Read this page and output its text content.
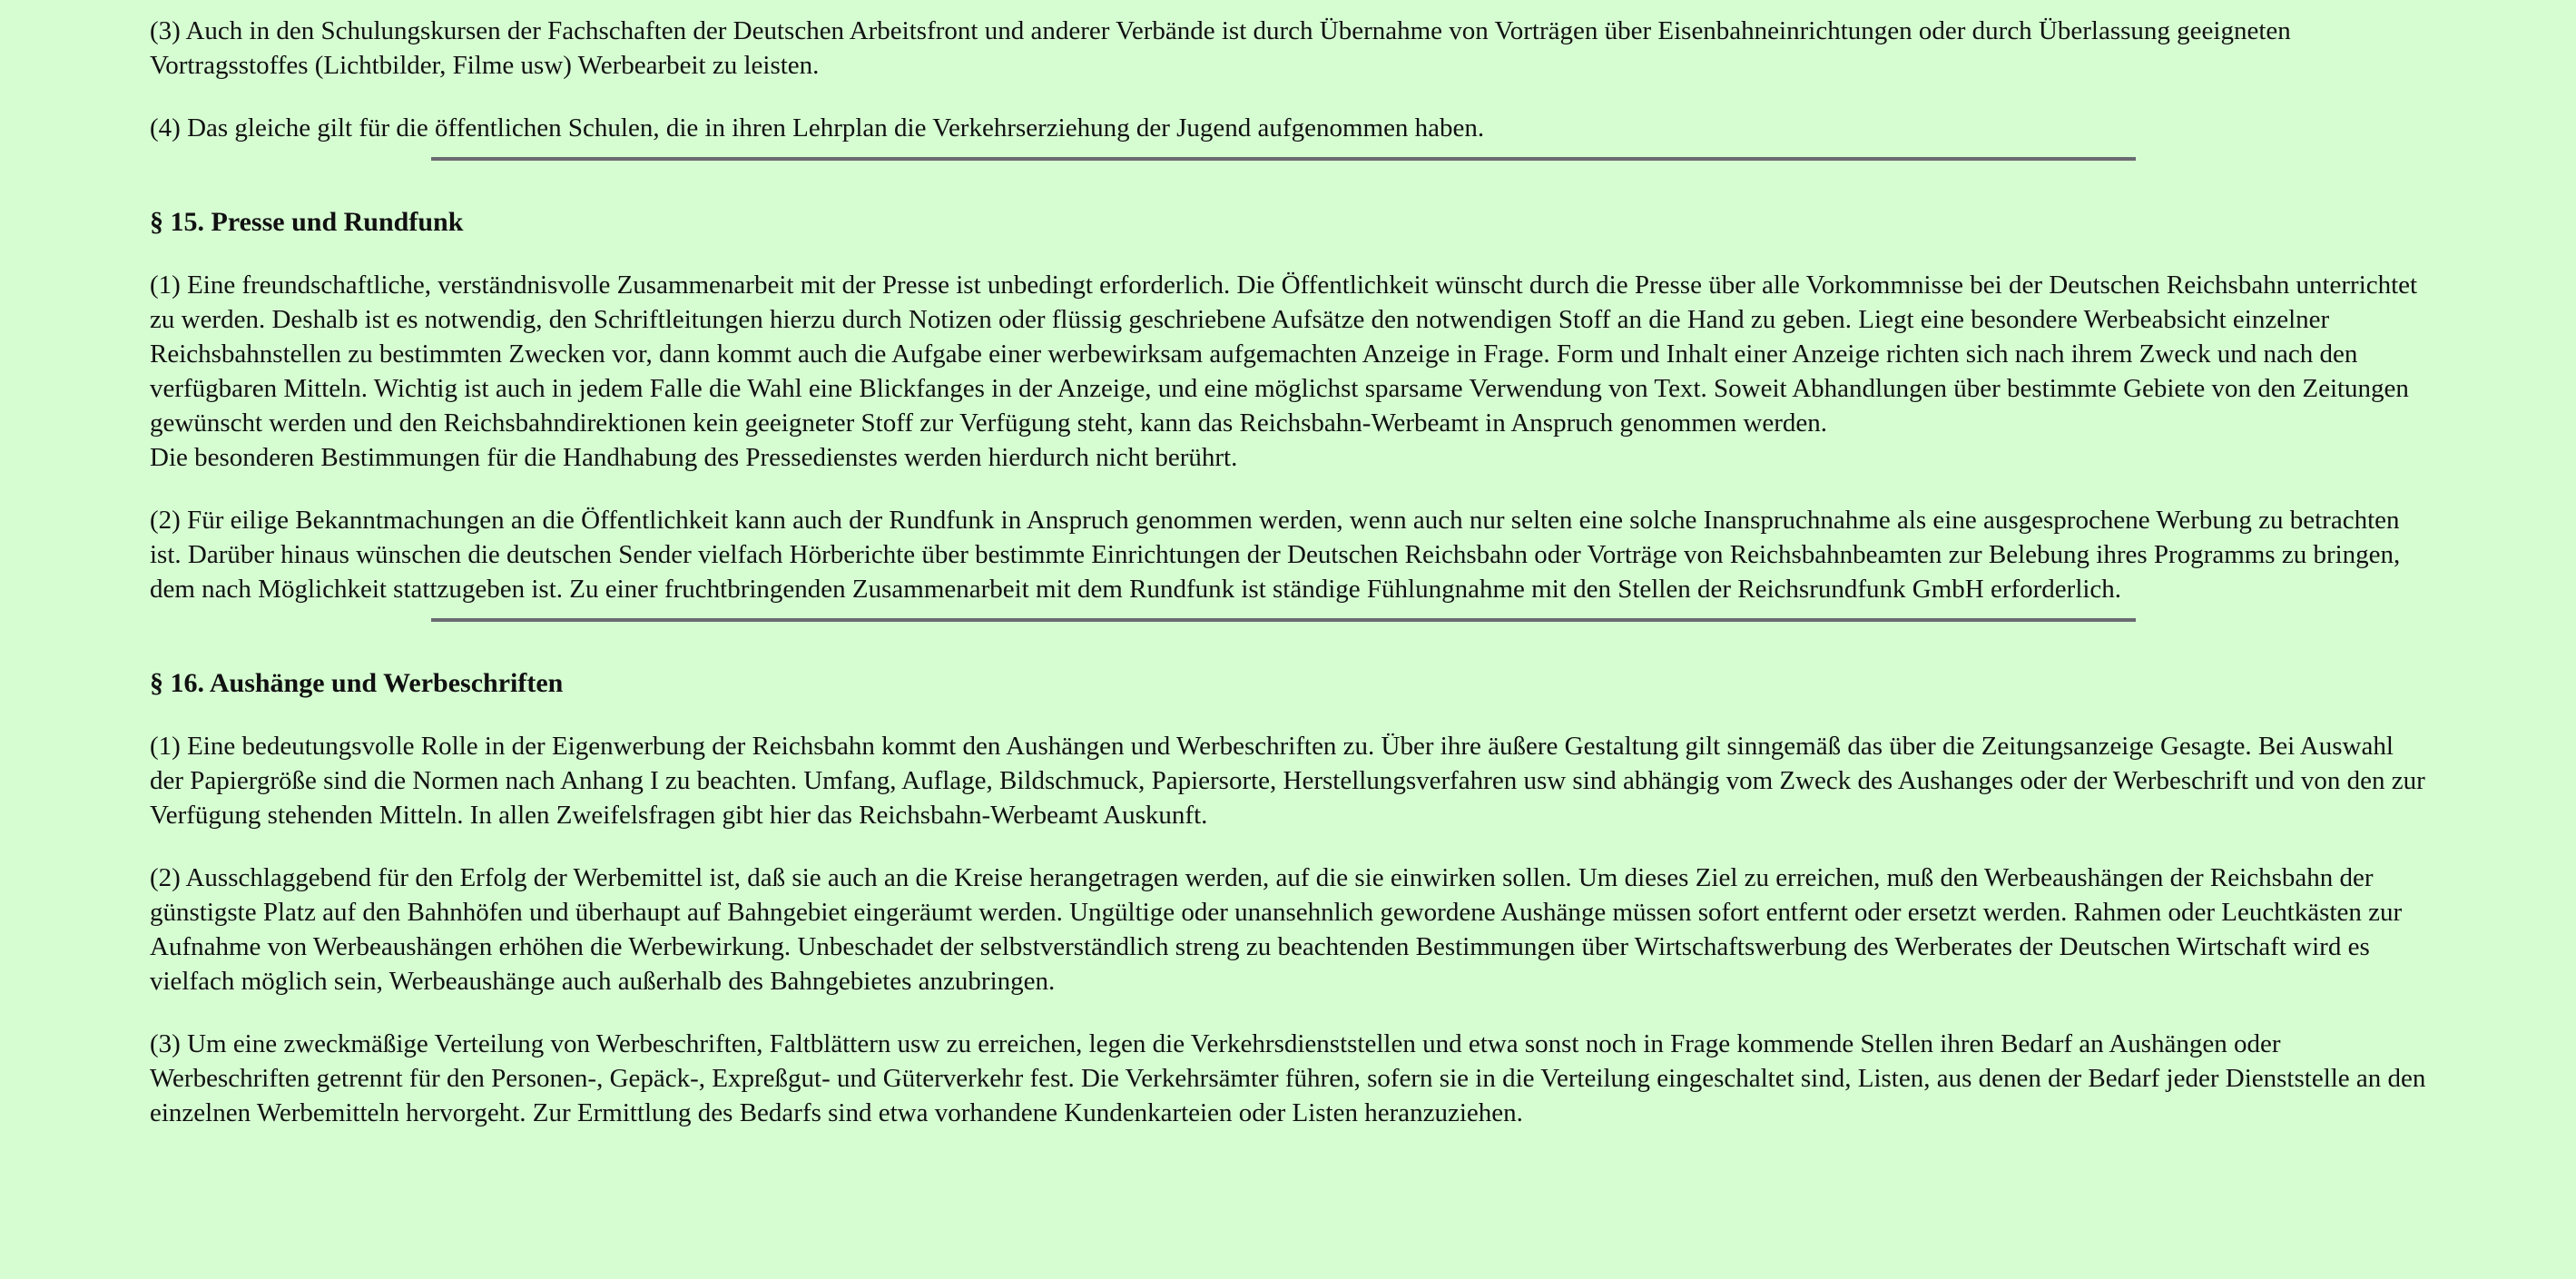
(3) Auch in den Schulungskursen der Fachschaften der Deutschen Arbeitsfront und anderer Verbände ist durch Übernahme von Vorträgen über Eisenbahneinrichtungen oder durch Überlassung geeigneten Vortragsstoffes (Lichtbilder, Filme usw) Werbearbeit zu leisten.

(4) Das gleiche gilt für die öffentlichen Schulen, die in ihren Lehrplan die Verkehrserziehung der Jugend aufgenommen haben.

§ 15. Presse und Rundfunk

(1) Eine freundschaftliche, verständnisvolle Zusammenarbeit mit der Presse ist unbedingt erforderlich. Die Öffentlichkeit wünscht durch die Presse über alle Vorkommnisse bei der Deutschen Reichsbahn unterrichtet zu werden. Deshalb ist es notwendig, den Schriftleitungen hierzu durch Notizen oder flüssig geschriebene Aufsätze den notwendigen Stoff an die Hand zu geben. Liegt eine besondere Werbeabsicht einzelner Reichsbahnstellen zu bestimmten Zwecken vor, dann kommt auch die Aufgabe einer werbewirksam aufgemachten Anzeige in Frage. Form und Inhalt einer Anzeige richten sich nach ihrem Zweck und nach den verfügbaren Mitteln. Wichtig ist auch in jedem Falle die Wahl eine Blickfanges in der Anzeige, und eine möglichst sparsame Verwendung von Text. Soweit Abhandlungen über bestimmte Gebiete von den Zeitungen gewünscht werden und den Reichsbahndirektionen kein geeigneter Stoff zur Verfügung steht, kann das Reichsbahn-Werbeamt in Anspruch genommen werden.
Die besonderen Bestimmungen für die Handhabung des Pressedienstes werden hierdurch nicht berührt.

(2) Für eilige Bekanntmachungen an die Öffentlichkeit kann auch der Rundfunk in Anspruch genommen werden, wenn auch nur selten eine solche Inanspruchnahme als eine ausgesprochene Werbung zu betrachten ist. Darüber hinaus wünschen die deutschen Sender vielfach Hörberichte über bestimmte Einrichtungen der Deutschen Reichsbahn oder Vorträge von Reichsbahnbeamten zur Belebung ihres Programms zu bringen, dem nach Möglichkeit stattzugeben ist. Zu einer fruchtbringenden Zusammenarbeit mit dem Rundfunk ist ständige Fühlungnahme mit den Stellen der Reichsrundfunk GmbH erforderlich.

§ 16. Aushänge und Werbeschriften

(1) Eine bedeutungsvolle Rolle in der Eigenwerbung der Reichsbahn kommt den Aushängen und Werbeschriften zu. Über ihre äußere Gestaltung gilt sinngemäß das über die Zeitungsanzeige Gesagte. Bei Auswahl der Papiergröße sind die Normen nach Anhang I zu beachten. Umfang, Auflage, Bildschmuck, Papiersorte, Herstellungsverfahren usw sind abhängig vom Zweck des Aushanges oder der Werbeschrift und von den zur Verfügung stehenden Mitteln. In allen Zweifelsfragen gibt hier das Reichsbahn-Werbeamt Auskunft.

(2) Ausschlaggebend für den Erfolg der Werbemittel ist, daß sie auch an die Kreise herangetragen werden, auf die sie einwirken sollen. Um dieses Ziel zu erreichen, muß den Werbeaushängen der Reichsbahn der günstigste Platz auf den Bahnhöfen und überhaupt auf Bahngebiet eingeräumt werden. Ungültige oder unansehnlich gewordene Aushänge müssen sofort entfernt oder ersetzt werden. Rahmen oder Leuchtkästen zur Aufnahme von Werbeaushängen erhöhen die Werbewirkung. Unbeschadet der selbstverständlich streng zu beachtenden Bestimmungen über Wirtschaftswerbung des Werberates der Deutschen Wirtschaft wird es vielfach möglich sein, Werbeaushänge auch außerhalb des Bahngebietes anzubringen.

(3) Um eine zweckmäßige Verteilung von Werbeschriften, Faltblättern usw zu erreichen, legen die Verkehrsdienststellen und etwa sonst noch in Frage kommende Stellen ihren Bedarf an Aushängen oder Werbeschriften getrennt für den Personen-, Gepäck-, Expreßgut- und Güterverkehr fest. Die Verkehrsämter führen, sofern sie in die Verteilung eingeschaltet sind, Listen, aus denen der Bedarf jeder Dienststelle an den einzelnen Werbemitteln hervorgeht. Zur Ermittlung des Bedarfs sind etwa vorhandene Kundenkarteien oder Listen heranzuziehen.
